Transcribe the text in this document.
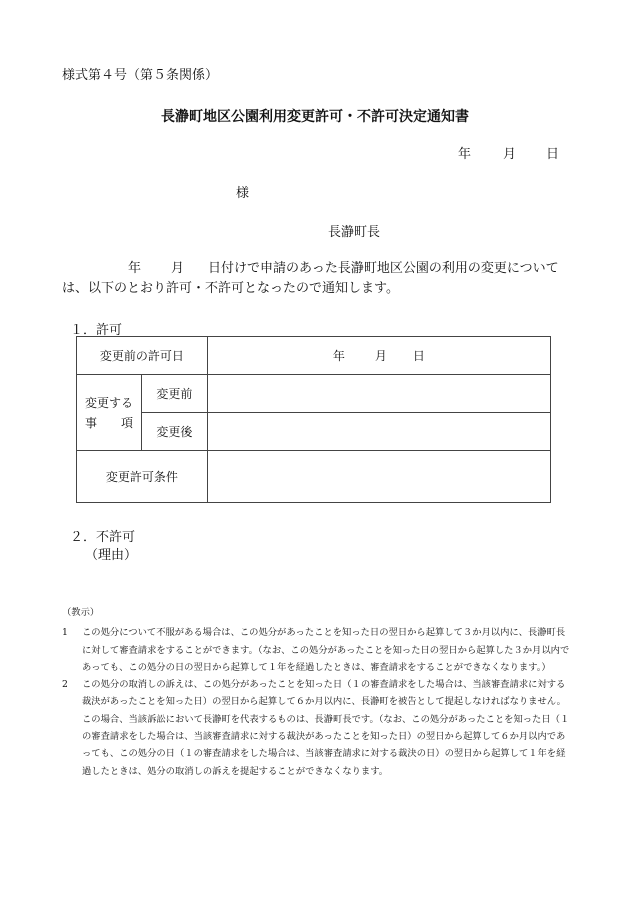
様式第４号（第５条関係）
長瀞町地区公園利用変更許可・不許可決定通知書
年 月 日
様
長瀞町長

年 月 日付けで申請のあった長瀞町地区公園の利用の変更について

は、以下のとおり許可・不許可となったので通知します。

１．許可
変更前の許可日		年 月 日

変更する
事　　項	変更前	
	変更後	
変更許可条件		
２．不許可
（理由）
（教示）
1	この処分について不服がある場合は、この処分があったことを知った日の翌日から起算して３か月以内に、長瀞町長に対して審査請求をすることができます。（なお、この処分があったことを知った日の翌日から起算した３か月以内であっても、この処分の日の翌日から起算して１年を経過したときは、審査請求をすることができなくなります。）
2	この処分の取消しの訴えは、この処分があったことを知った日（１の審査請求をした場合は、当該審査請求に対する裁決があったことを知った日）の翌日から起算して６か月以内に、長瀞町を被告として提起しなければなりません。この場合、当該訴訟において長瀞町を代表するものは、長瀞町長です。（なお、この処分があったことを知った日（１の審査請求をした場合は、当該審査請求に対する裁決があったことを知った日）の翌日から起算して６か月以内であっても、この処分の日（１の審査請求をした場合は、当該審査請求に対する裁決の日）の翌日から起算して１年を経過したときは、処分の取消しの訴えを提起することができなくなります。
